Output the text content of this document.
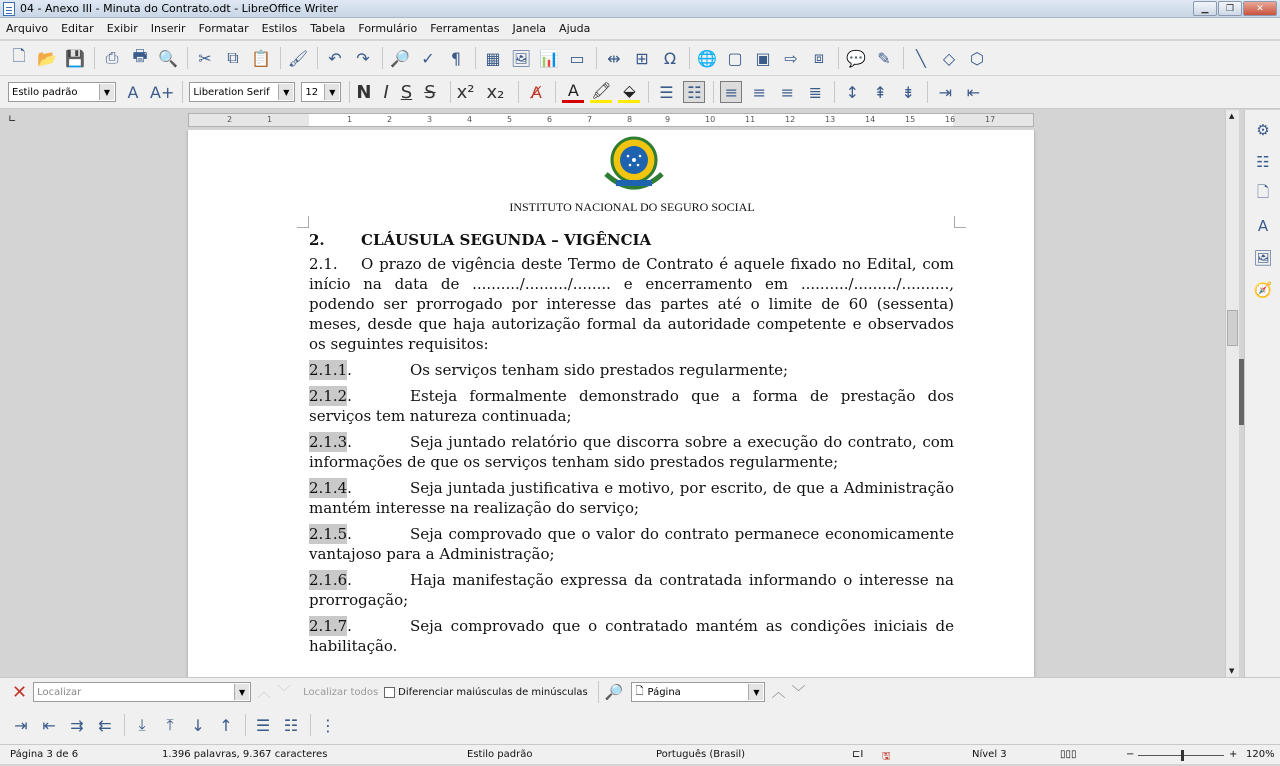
04 - Anexo III - Minuta do Contrato.odt - LibreOffice Writer	▁	❐	✕
Arquivo Editar Exibir Inserir Formatar Estilos Tabela Formulário Ferramentas Janela Ajuda
🗋 📂 💾 ⎙ 🖶 🔍 ✂ ⧉ 📋 🖌 ↶ ↷ 🔎 ✓	¶	▦ 🖼 📊 ▭ ⇹ ⊞ Ω	🌐 ▢ ▣ ⇨	⧈	💬 ✎	╲	◇ ⬡
Estilo padrão	▼	A A+ Liberation Serif	▼	12	▼ N I S S x² x₂	A̸	A 🖍 ⬙	☰ ☷ ≡ ≡ ≡ ≣ ↕ ⇞ ⇟ ⇥ ⇤
∟	2	1	1	2	3	4	5	6	7	8	9	10	11	12	13	14	15	16	17
INSTITUTO NACIONAL DO SEGURO SOCIAL
2.	CLÁUSULA SEGUNDA – VIGÊNCIA
2.1. O prazo de vigência deste Termo de Contrato é aquele fixado no Edital, com início na data de ........../........./........ e encerramento em ........../........./.........., podendo ser prorrogado por interesse das partes até o limite de 60 (sessenta) meses, desde que haja autorização formal da autoridade competente e observados os seguintes requisitos:
2.1.1.	Os serviços tenham sido prestados regularmente;
2.1.2.	Esteja formalmente demonstrado que a forma de prestação dos serviços tem natureza continuada;
2.1.3.	Seja juntado relatório que discorra sobre a execução do contrato, com informações de que os serviços tenham sido prestados regularmente;
2.1.4.	Seja juntada justificativa e motivo, por escrito, de que a Administração mantém interesse na realização do serviço;
2.1.5.	Seja comprovado que o valor do contrato permanece economicamente vantajoso para a Administração;
2.1.6.	Haja manifestação expressa da contratada informando o interesse na prorrogação;
2.1.7.	Seja comprovado que o contratado mantém as condições iniciais de habilitação.
▲
▼
⚙
☷
🗋
A
🖼
🧭
✕ Localizar	▼ ︿ ﹀ Localizar todos Diferenciar maiúsculas de minúsculas 🔎 🗋 Página	▼ ︿ ﹀
⇥ ⇤ ⇉ ⇇	⤓	⤒	↓ ↑ ☰ ☷ ⋮
Página 3 de 6	1.396 palavras, 9.367 caracteres	Estilo padrão	Português (Brasil)	⊏I 🖫	Nível 3	▯▯▯	−	+ 120%
